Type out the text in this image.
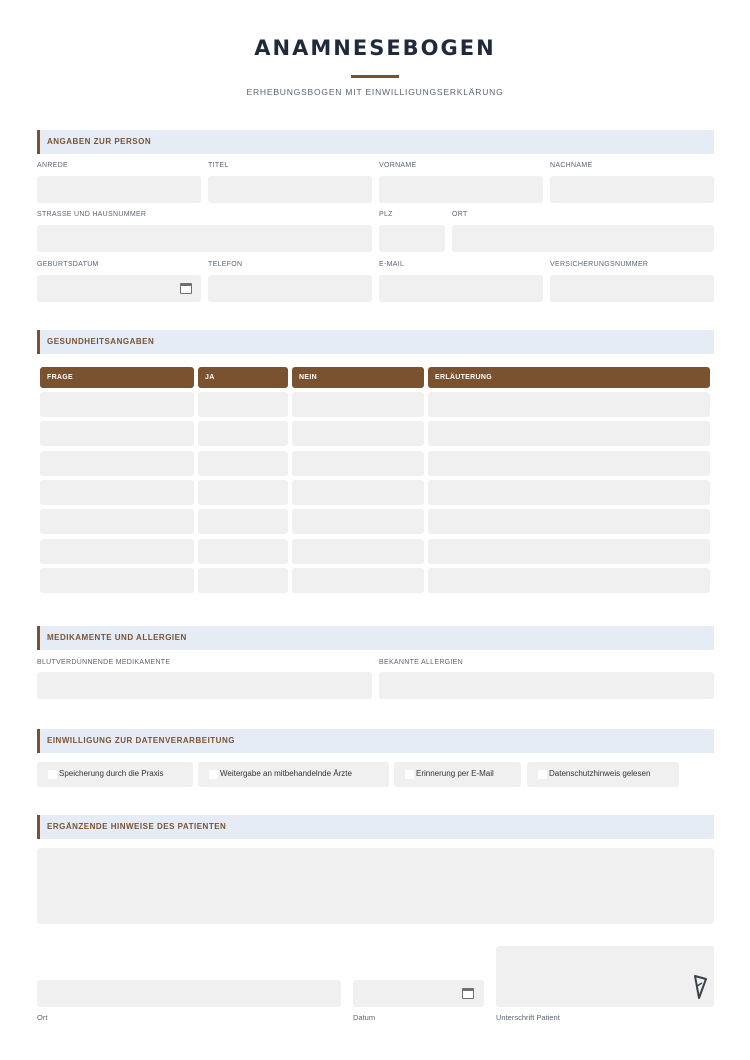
ANAMNESEBOGEN
ERHEBUNGSBOGEN MIT EINWILLIGUNGSERKLÄRUNG
ANGABEN ZUR PERSON
ANREDE	TITEL	VORNAME	NACHNAME
STRASSE UND HAUSNUMMER	PLZ	ORT
GEBURTSDATUM	TELEFON	E-MAIL	VERSICHERUNGSNUMMER
GESUNDHEITSANGABEN
FRAGE	JA	NEIN	ERLÄUTERUNG
MEDIKAMENTE UND ALLERGIEN
BLUTVERDÜNNENDE MEDIKAMENTE	BEKANNTE ALLERGIEN
EINWILLIGUNG ZUR DATENVERARBEITUNG
Speicherung durch die Praxis	Weitergabe an mitbehandelnde Ärzte	Erinnerung per E-Mail	Datenschutzhinweis gelesen
ERGÄNZENDE HINWEISE DES PATIENTEN
Ort	Datum	Unterschrift Patient
